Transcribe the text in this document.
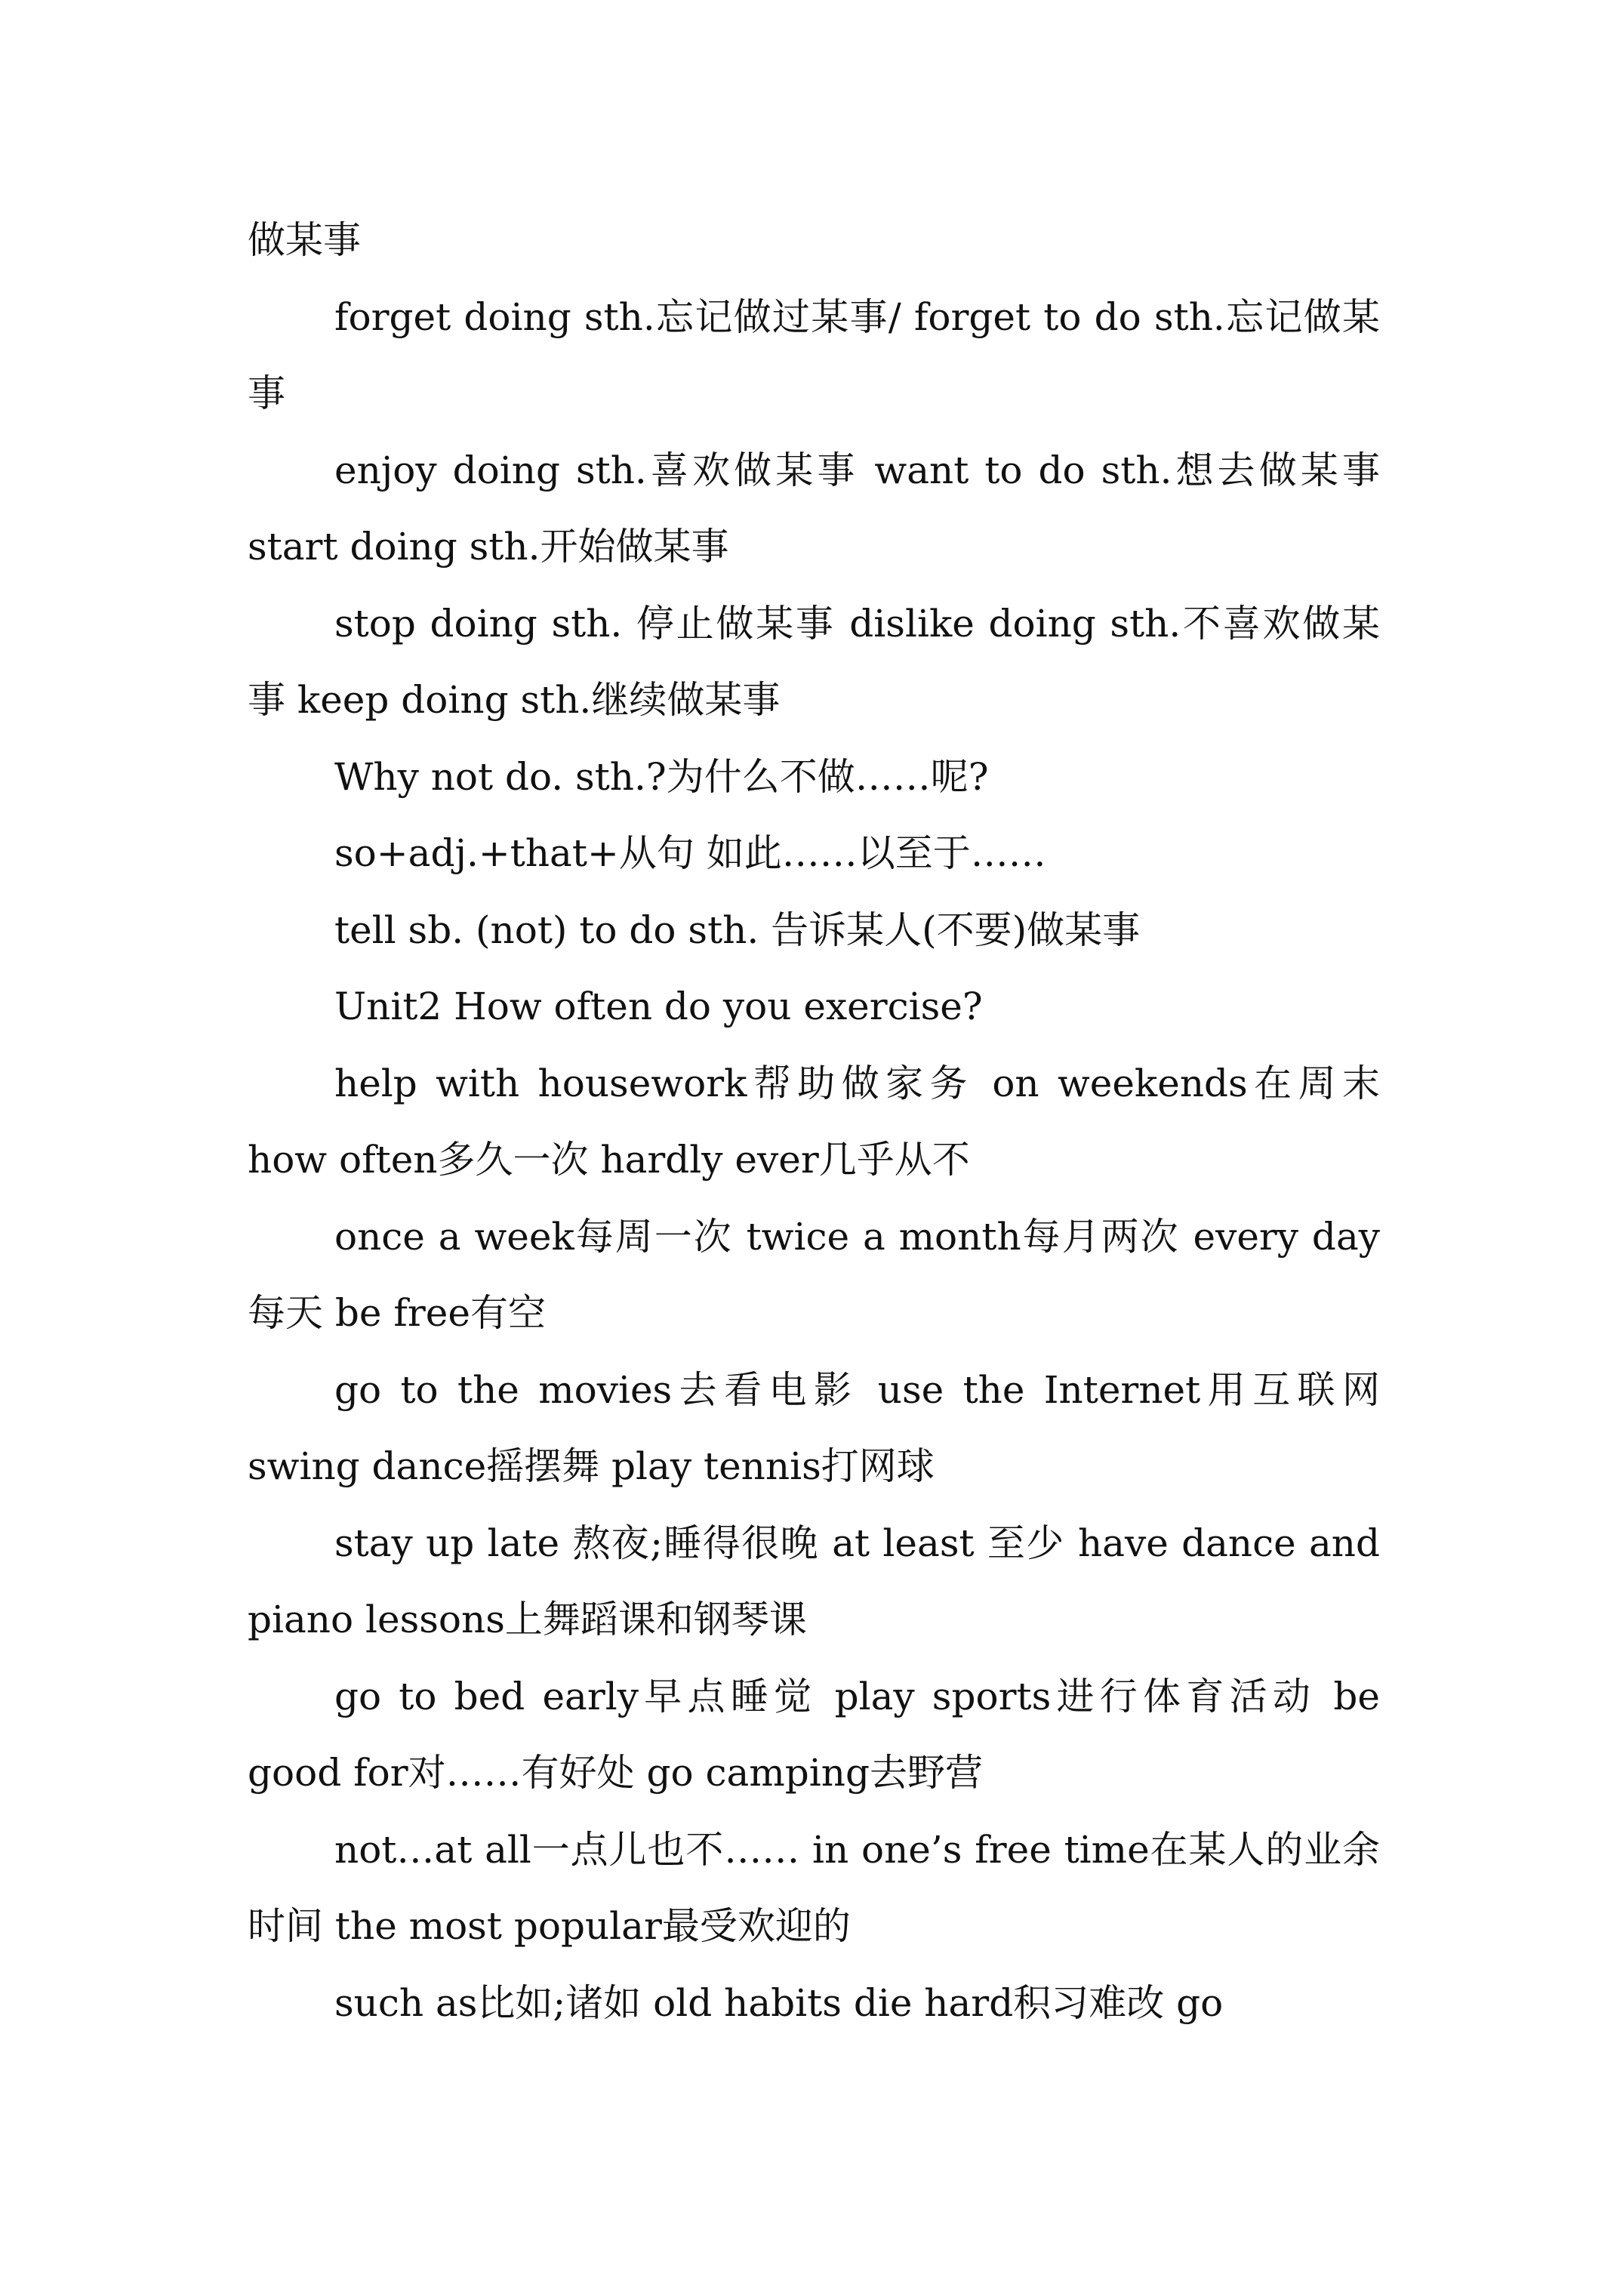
做某事

forget doing sth.忘记做过某事/ forget to do sth.忘记做某事

enjoy doing sth.喜欢做某事 want to do sth.想去做某事 start doing sth.开始做某事

stop doing sth. 停止做某事 dislike doing sth.不喜欢做某事 keep doing sth.继续做某事

Why not do. sth.?为什么不做……呢?

so+adj.+that+从句 如此……以至于……

tell sb. (not) to do sth. 告诉某人(不要)做某事

Unit2 How often do you exercise?

help with housework帮助做家务 on weekends在周末 how often多久一次 hardly ever几乎从不

once a week每周一次 twice a month每月两次 every day每天 be free有空

go to the movies去看电影 use the Internet用互联网 swing dance摇摆舞 play tennis打网球

stay up late 熬夜;睡得很晚 at least 至少 have dance and piano lessons上舞蹈课和钢琴课

go to bed early早点睡觉 play sports进行体育活动 be good for对……有好处 go camping去野营

not…at all一点儿也不…… in one’s free time在某人的业余时间 the most popular最受欢迎的

such as比如;诸如 old habits die hard积习难改 go
